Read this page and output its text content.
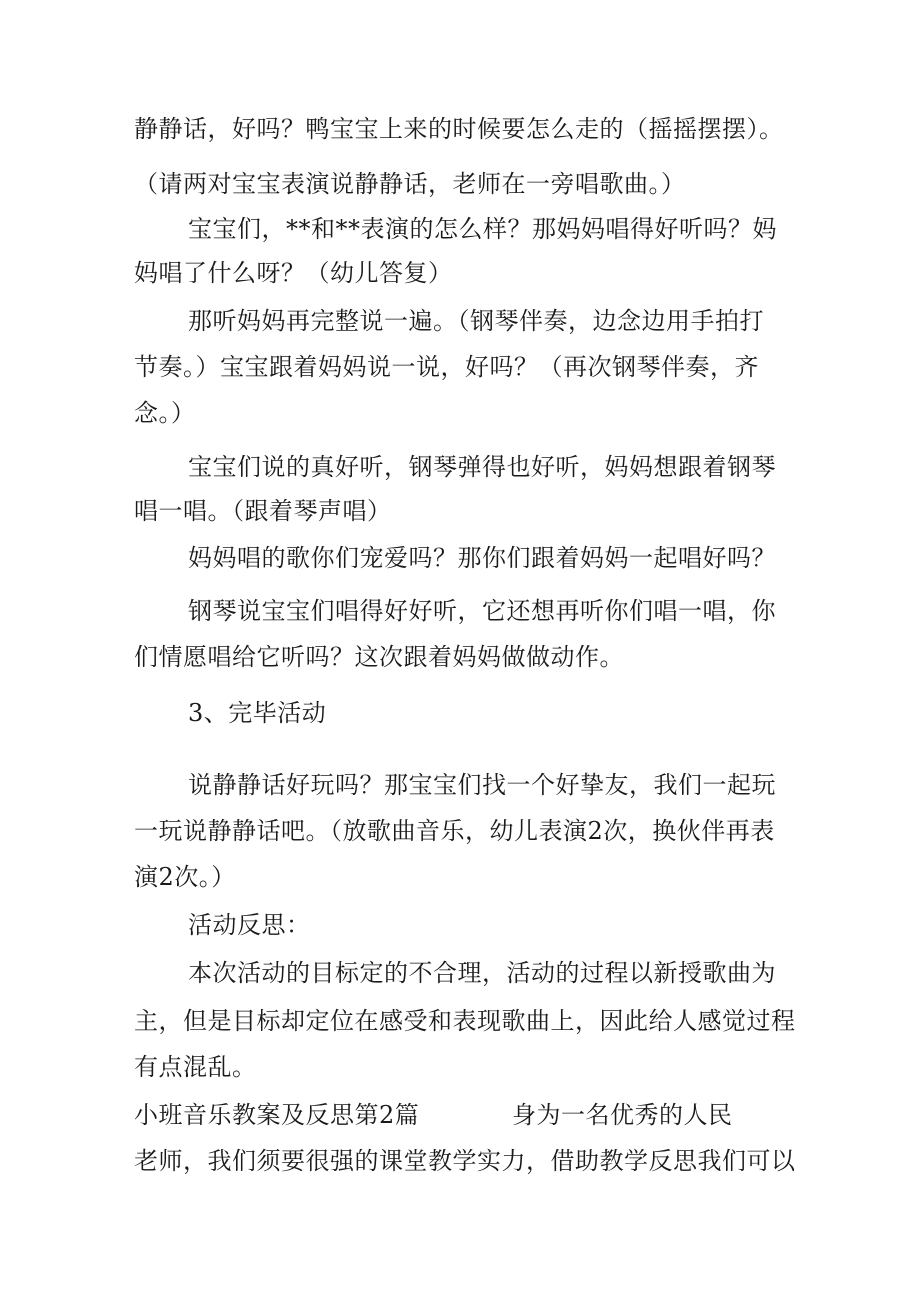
静静话，好吗？鸭宝宝上来的时候要怎么走的（摇摇摆摆）。
（请两对宝宝表演说静静话，老师在一旁唱歌曲。）
宝宝们，**和**表演的怎么样？那妈妈唱得好听吗？妈
妈唱了什么呀？（幼儿答复）
那听妈妈再完整说一遍。（钢琴伴奏，边念边用手拍打
节奏。）宝宝跟着妈妈说一说，好吗？（再次钢琴伴奏，齐
念。）
宝宝们说的真好听，钢琴弹得也好听，妈妈想跟着钢琴
唱一唱。（跟着琴声唱）
妈妈唱的歌你们宠爱吗？那你们跟着妈妈一起唱好吗？
钢琴说宝宝们唱得好好听，它还想再听你们唱一唱，你
们情愿唱给它听吗？这次跟着妈妈做做动作。
3、完毕活动
说静静话好玩吗？那宝宝们找一个好挚友，我们一起玩
一玩说静静话吧。（放歌曲音乐，幼儿表演2次，换伙伴再表
演2次。）
活动反思：
本次活动的目标定的不合理，活动的过程以新授歌曲为
主，但是目标却定位在感受和表现歌曲上，因此给人感觉过程
有点混乱。
小班音乐教案及反思第2篇	身为一名优秀的人民
老师，我们须要很强的课堂教学实力，借助教学反思我们可以
